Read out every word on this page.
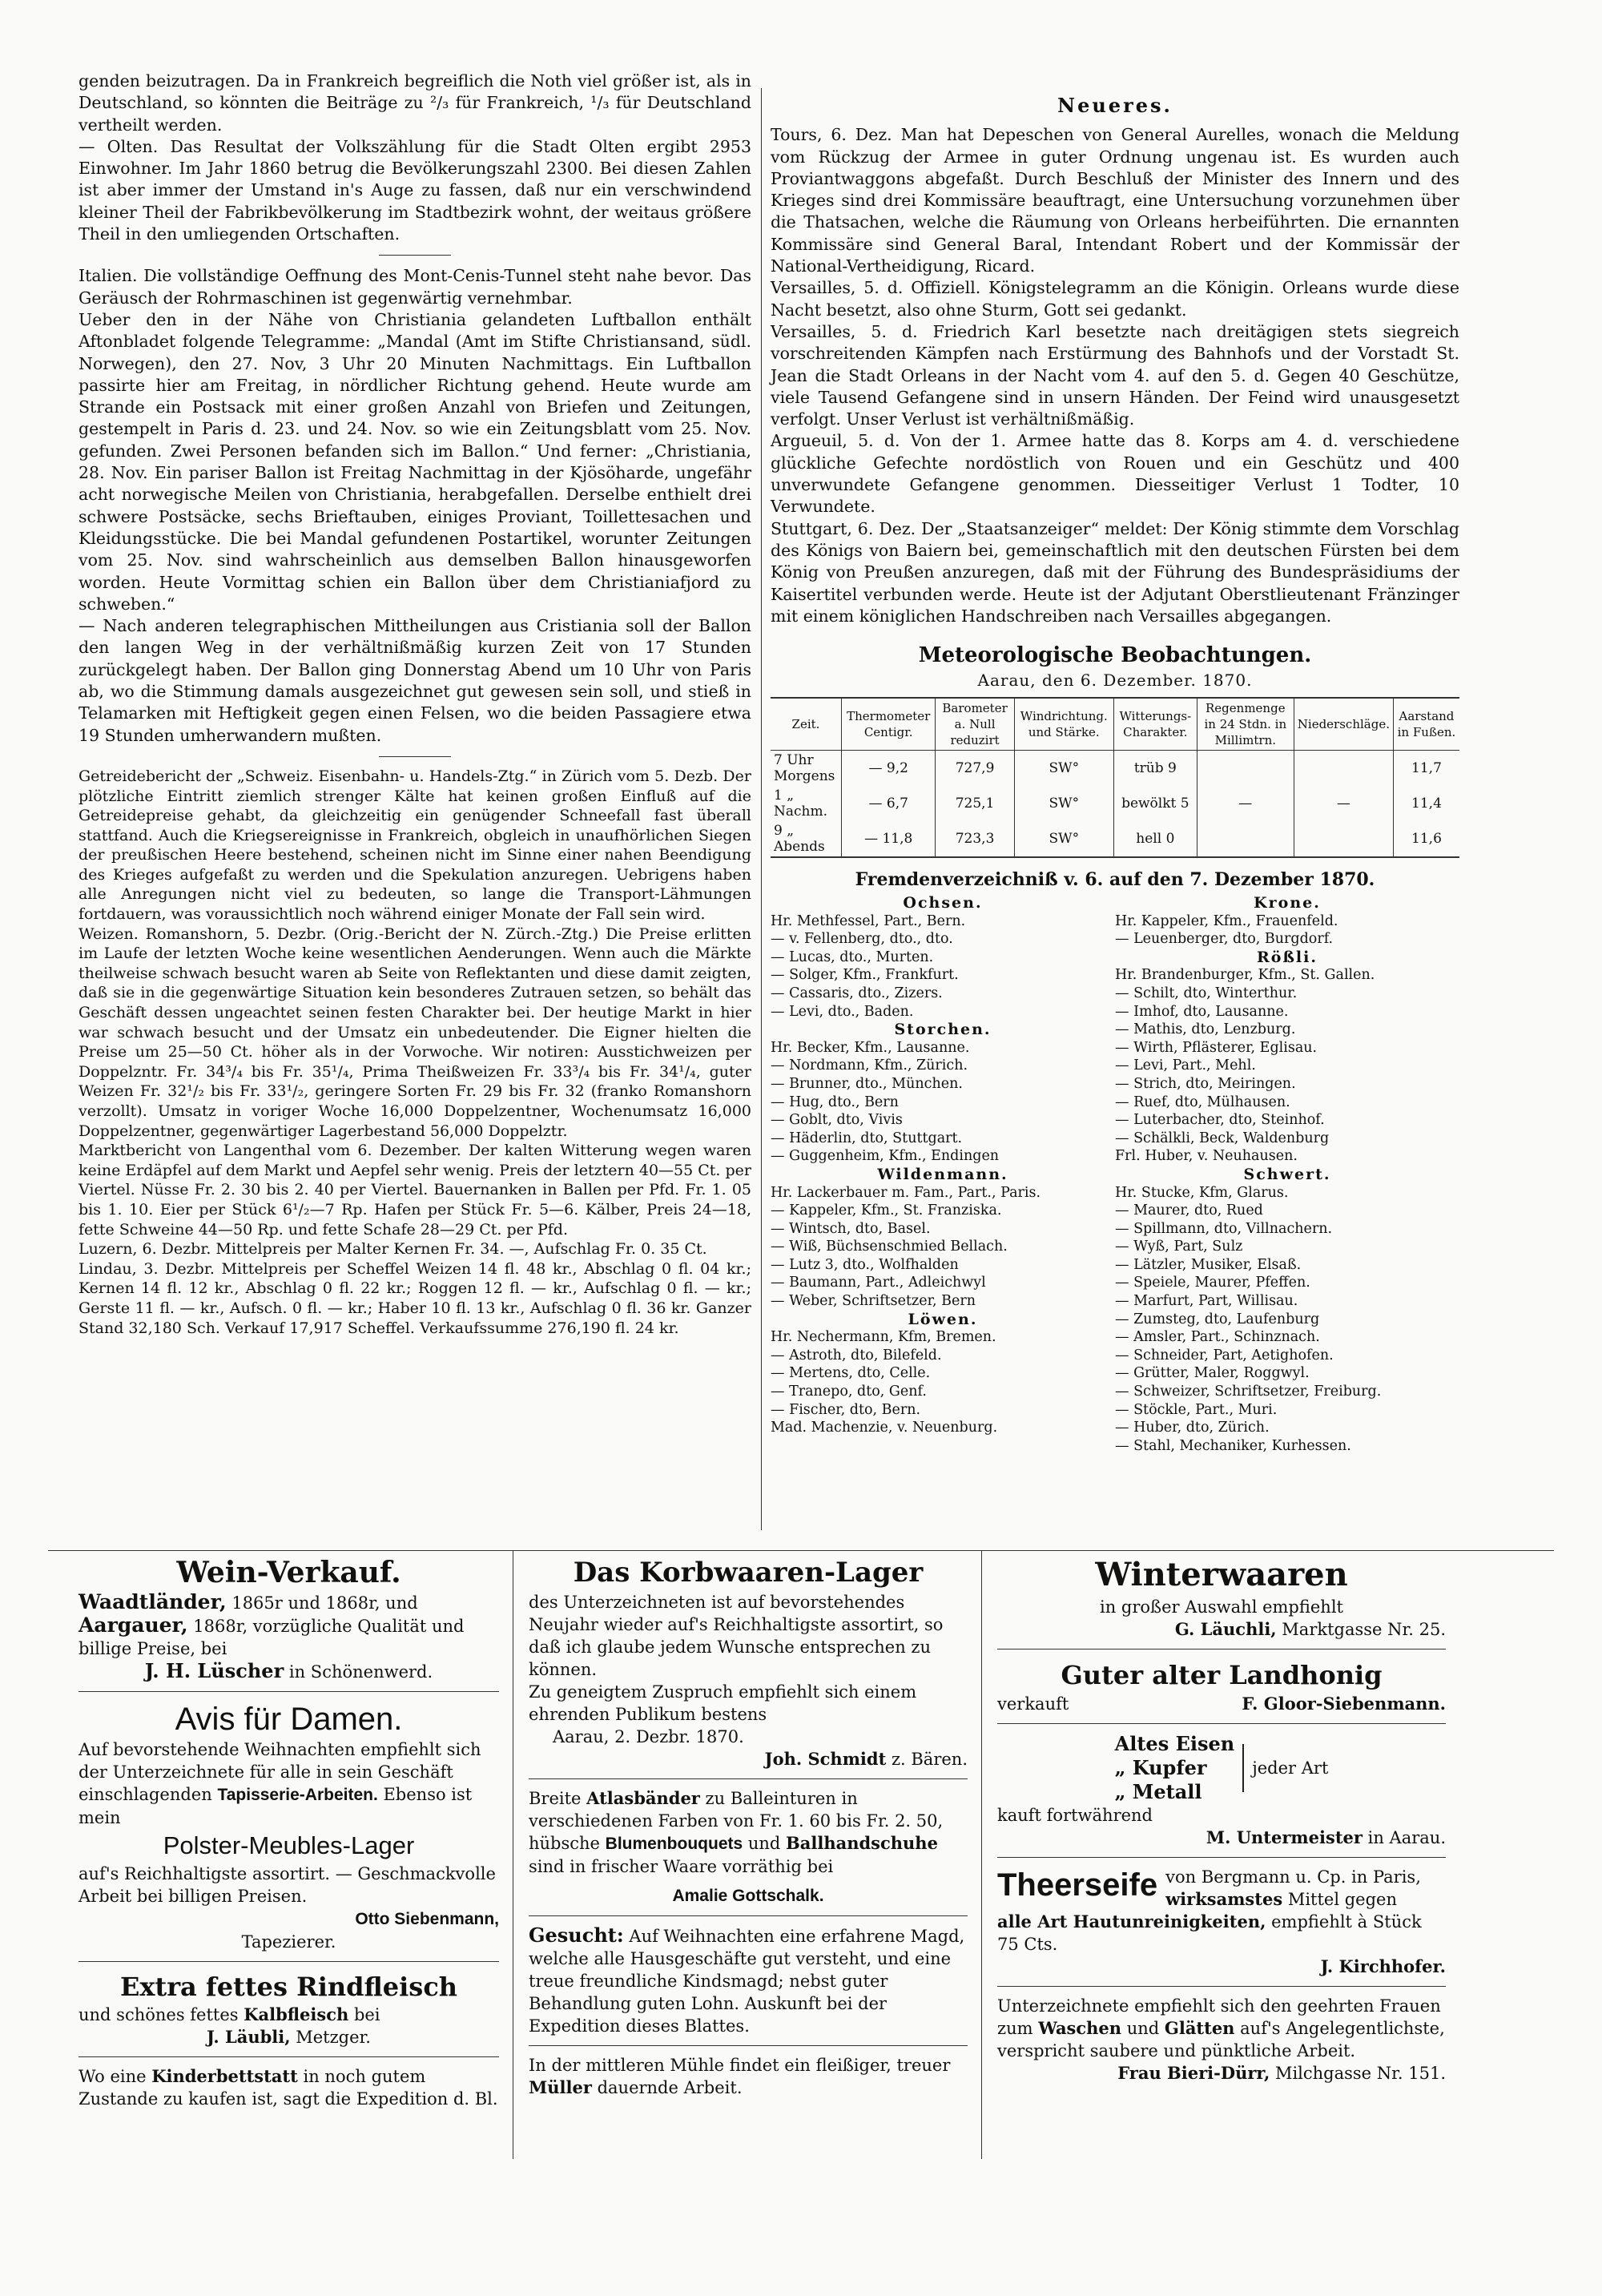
genden beizutragen. Da in Frankreich begreiflich die Noth viel größer ist, als in Deutschland, so könnten die Beiträge zu ²/₃ für Frankreich, ¹/₃ für Deutschland vertheilt werden.

— Olten. Das Resultat der Volkszählung für die Stadt Olten ergibt 2953 Einwohner. Im Jahr 1860 betrug die Bevölkerungszahl 2300. Bei diesen Zahlen ist aber immer der Umstand in's Auge zu fassen, daß nur ein verschwindend kleiner Theil der Fabrikbevölkerung im Stadtbezirk wohnt, der weitaus größere Theil in den umliegenden Ortschaften.

Italien. Die vollständige Oeffnung des Mont-Cenis-Tunnel steht nahe bevor. Das Geräusch der Rohrmaschinen ist gegenwärtig vernehmbar.

Ueber den in der Nähe von Christiania gelandeten Luftballon enthält Aftonbladet folgende Telegramme: „Mandal (Amt im Stifte Christiansand, südl. Norwegen), den 27. Nov, 3 Uhr 20 Minuten Nachmittags. Ein Luftballon passirte hier am Freitag, in nördlicher Richtung gehend. Heute wurde am Strande ein Postsack mit einer großen Anzahl von Briefen und Zeitungen, gestempelt in Paris d. 23. und 24. Nov. so wie ein Zeitungsblatt vom 25. Nov. gefunden. Zwei Personen befanden sich im Ballon.“ Und ferner: „Christiania, 28. Nov. Ein pariser Ballon ist Freitag Nachmittag in der Kjösöharde, ungefähr acht norwegische Meilen von Christiania, herabgefallen. Derselbe enthielt drei schwere Postsäcke, sechs Brieftauben, einiges Proviant, Toillettesachen und Kleidungsstücke. Die bei Mandal gefundenen Postartikel, worunter Zeitungen vom 25. Nov. sind wahrscheinlich aus demselben Ballon hinausgeworfen worden. Heute Vormittag schien ein Ballon über dem Christianiafjord zu schweben.“

— Nach anderen telegraphischen Mittheilungen aus Cristiania soll der Ballon den langen Weg in der verhältnißmäßig kurzen Zeit von 17 Stunden zurückgelegt haben. Der Ballon ging Donnerstag Abend um 10 Uhr von Paris ab, wo die Stimmung damals ausgezeichnet gut gewesen sein soll, und stieß in Telamarken mit Heftigkeit gegen einen Felsen, wo die beiden Passagiere etwa 19 Stunden umherwandern mußten.

Getreidebericht der „Schweiz. Eisenbahn- u. Handels-Ztg.“ in Zürich vom 5. Dezb. Der plötzliche Eintritt ziemlich strenger Kälte hat keinen großen Einfluß auf die Getreidepreise gehabt, da gleichzeitig ein genügender Schneefall fast überall stattfand. Auch die Kriegsereignisse in Frankreich, obgleich in unaufhörlichen Siegen der preußischen Heere bestehend, scheinen nicht im Sinne einer nahen Beendigung des Krieges aufgefaßt zu werden und die Spekulation anzuregen. Uebrigens haben alle Anregungen nicht viel zu bedeuten, so lange die Transport-Lähmungen fortdauern, was voraussichtlich noch während einiger Monate der Fall sein wird.

Weizen. Romanshorn, 5. Dezbr. (Orig.-Bericht der N. Zürch.-Ztg.) Die Preise erlitten im Laufe der letzten Woche keine wesentlichen Aenderungen. Wenn auch die Märkte theilweise schwach besucht waren ab Seite von Reflektanten und diese damit zeigten, daß sie in die gegenwärtige Situation kein besonderes Zutrauen setzen, so behält das Geschäft dessen ungeachtet seinen festen Charakter bei. Der heutige Markt in hier war schwach besucht und der Umsatz ein unbedeutender. Die Eigner hielten die Preise um 25—50 Ct. höher als in der Vorwoche. Wir notiren: Ausstichweizen per Doppelzntr. Fr. 34³/₄ bis Fr. 35¹/₄, Prima Theißweizen Fr. 33³/₄ bis Fr. 34¹/₄, guter Weizen Fr. 32¹/₂ bis Fr. 33¹/₂, geringere Sorten Fr. 29 bis Fr. 32 (franko Romanshorn verzollt). Umsatz in voriger Woche 16,000 Doppelzentner, Wochenumsatz 16,000 Doppelzentner, gegenwärtiger Lagerbestand 56,000 Doppelztr.

Marktbericht von Langenthal vom 6. Dezember. Der kalten Witterung wegen waren keine Erdäpfel auf dem Markt und Aepfel sehr wenig. Preis der letztern 40—55 Ct. per Viertel. Nüsse Fr. 2. 30 bis 2. 40 per Viertel. Bauernanken in Ballen per Pfd. Fr. 1. 05 bis 1. 10. Eier per Stück 6¹/₂—7 Rp. Hafen per Stück Fr. 5—6. Kälber, Preis 24—18, fette Schweine 44—50 Rp. und fette Schafe 28—29 Ct. per Pfd.

Luzern, 6. Dezbr. Mittelpreis per Malter Kernen Fr. 34. —, Aufschlag Fr. 0. 35 Ct.

Lindau, 3. Dezbr. Mittelpreis per Scheffel Weizen 14 fl. 48 kr., Abschlag 0 fl. 04 kr.; Kernen 14 fl. 12 kr., Abschlag 0 fl. 22 kr.; Roggen 12 fl. — kr., Aufschlag 0 fl. — kr.; Gerste 11 fl. — kr., Aufsch. 0 fl. — kr.; Haber 10 fl. 13 kr., Aufschlag 0 fl. 36 kr. Ganzer Stand 32,180 Sch. Verkauf 17,917 Scheffel. Verkaufssumme 276,190 fl. 24 kr.

Neueres.

Tours, 6. Dez. Man hat Depeschen von General Aurelles, wonach die Meldung vom Rückzug der Armee in guter Ordnung ungenau ist. Es wurden auch Proviantwaggons abgefaßt. Durch Beschluß der Minister des Innern und des Krieges sind drei Kommissäre beauftragt, eine Untersuchung vorzunehmen über die Thatsachen, welche die Räumung von Orleans herbeiführten. Die ernannten Kommissäre sind General Baral, Intendant Robert und der Kommissär der National-Vertheidigung, Ricard.

Versailles, 5. d. Offiziell. Königstelegramm an die Königin. Orleans wurde diese Nacht besetzt, also ohne Sturm, Gott sei gedankt.

Versailles, 5. d. Friedrich Karl besetzte nach dreitägigen stets siegreich vorschreitenden Kämpfen nach Erstürmung des Bahnhofs und der Vorstadt St. Jean die Stadt Orleans in der Nacht vom 4. auf den 5. d. Gegen 40 Geschütze, viele Tausend Gefangene sind in unsern Händen. Der Feind wird unausgesetzt verfolgt. Unser Verlust ist verhältnißmäßig.

Argueuil, 5. d. Von der 1. Armee hatte das 8. Korps am 4. d. verschiedene glückliche Gefechte nordöstlich von Rouen und ein Geschütz und 400 unverwundete Gefangene genommen. Diesseitiger Verlust 1 Todter, 10 Verwundete.

Stuttgart, 6. Dez. Der „Staatsanzeiger“ meldet: Der König stimmte dem Vorschlag des Königs von Baiern bei, gemeinschaftlich mit den deutschen Fürsten bei dem König von Preußen anzuregen, daß mit der Führung des Bundespräsidiums der Kaisertitel verbunden werde. Heute ist der Adjutant Oberstlieutenant Fränzinger mit einem königlichen Handschreiben nach Versailles abgegangen.

Meteorologische Beobachtungen.
Aarau, den 6. Dezember. 1870.
Zeit.	Thermometer Centigr.	Barometer a. Null reduzirt	Windrichtung. und Stärke.	Witterungs-Charakter.	Regenmenge in 24 Stdn. in Millimtrn.	Niederschläge.	Aarstand in Fußen.
7 Uhr Morgens	— 9,2	727,9	SW°	trüb 9			11,7
1 „ Nachm.	— 6,7	725,1	SW°	bewölkt 5	—	—	11,4
9 „ Abends	— 11,8	723,3	SW°	hell 0			11,6
Fremdenverzeichniß v. 6. auf den 7. Dezember 1870.
Ochsen.
Hr. Methfessel, Part., Bern.
— v. Fellenberg, dto., dto.
— Lucas, dto., Murten.
— Solger, Kfm., Frankfurt.
— Cassaris, dto., Zizers.
— Levi, dto., Baden.
Storchen.
Hr. Becker, Kfm., Lausanne.
— Nordmann, Kfm., Zürich.
— Brunner, dto., München.
— Hug, dto., Bern
— Goblt, dto, Vivis
— Häderlin, dto, Stuttgart.
— Guggenheim, Kfm., Endingen
Wildenmann.
Hr. Lackerbauer m. Fam., Part., Paris.
— Kappeler, Kfm., St. Franziska.
— Wintsch, dto, Basel.
— Wiß, Büchsenschmied Bellach.
— Lutz 3, dto., Wolfhalden
— Baumann, Part., Adleichwyl
— Weber, Schriftsetzer, Bern
Löwen.
Hr. Nechermann, Kfm, Bremen.
— Astroth, dto, Bilefeld.
— Mertens, dto, Celle.
— Tranepo, dto, Genf.
— Fischer, dto, Bern.
Mad. Machenzie, v. Neuenburg.
Krone.
Hr. Kappeler, Kfm., Frauenfeld.
— Leuenberger, dto, Burgdorf.
Rößli.
Hr. Brandenburger, Kfm., St. Gallen.
— Schilt, dto, Winterthur.
— Imhof, dto, Lausanne.
— Mathis, dto, Lenzburg.
— Wirth, Pflästerer, Eglisau.
— Levi, Part., Mehl.
— Strich, dto, Meiringen.
— Ruef, dto, Mülhausen.
— Luterbacher, dto, Steinhof.
— Schälkli, Beck, Waldenburg
Frl. Huber, v. Neuhausen.
Schwert.
Hr. Stucke, Kfm, Glarus.
— Maurer, dto, Rued
— Spillmann, dto, Villnachern.
— Wyß, Part, Sulz
— Lätzler, Musiker, Elsaß.
— Speiele, Maurer, Pfeffen.
— Marfurt, Part, Willisau.
— Zumsteg, dto, Laufenburg
— Amsler, Part., Schinznach.
— Schneider, Part, Aetighofen.
— Grütter, Maler, Roggwyl.
— Schweizer, Schriftsetzer, Freiburg.
— Stöckle, Part., Muri.
— Huber, dto, Zürich.
— Stahl, Mechaniker, Kurhessen.
Wein-Verkauf.
Waadtländer, 1865r und 1868r, und
Aargauer, 1868r, vorzügliche Qualität und billige Preise, bei

J. H. Lüscher in Schönenwerd.
Avis für Damen.
Auf bevorstehende Weihnachten empfiehlt sich der Unterzeichnete für alle in sein Geschäft einschlagenden Tapisserie-Arbeiten. Ebenso ist mein
Polster-Meubles-Lager
auf's Reichhaltigste assortirt. — Geschmackvolle Arbeit bei billigen Preisen.
Otto Siebenmann,
Tapezierer.
Extra fettes Rindfleisch
und schönes fettes Kalbfleisch bei

J. Läubli, Metzger.
Wo eine Kinderbettstatt in noch gutem Zustande zu kaufen ist, sagt die Expedition d. Bl.
Das Korbwaaren-Lager
des Unterzeichneten ist auf bevorstehendes Neujahr wieder auf's Reichhaltigste assortirt, so daß ich glaube jedem Wunsche entsprechen zu können.
Zu geneigtem Zuspruch empfiehlt sich einem ehrenden Publikum bestens
Aarau, 2. Dezbr. 1870.
Joh. Schmidt z. Bären.
Breite Atlasbänder zu Balleinturen in verschiedenen Farben von Fr. 1. 60 bis Fr. 2. 50, hübsche Blumenbouquets und Ballhandschuhe sind in frischer Waare vorräthig bei
Amalie Gottschalk.
Gesucht: Auf Weihnachten eine erfahrene Magd, welche alle Hausgeschäfte gut versteht, und eine treue freundliche Kindsmagd; nebst guter Behandlung guten Lohn. Auskunft bei der Expedition dieses Blattes.
In der mittleren Mühle findet ein fleißiger, treuer Müller dauernde Arbeit.
Winterwaaren
in großer Auswahl empfiehlt
G. Läuchli, Marktgasse Nr. 25.
Guter alter Landhonig
verkauft	F. Gloor-Siebenmann.
Altes Eisen
„ Kupfer
„ Metall
jeder Art
kauft fortwährend
M. Untermeister in Aarau.
Theerseife von Bergmann u. Cp. in Paris, wirksamstes Mittel gegen
alle Art Hautunreinigkeiten, empfiehlt à Stück 75 Cts.
J. Kirchhofer.
Unterzeichnete empfiehlt sich den geehrten Frauen zum Waschen und Glätten auf's Angelegentlichste, verspricht saubere und pünktliche Arbeit.
Frau Bieri-Dürr, Milchgasse Nr. 151.
